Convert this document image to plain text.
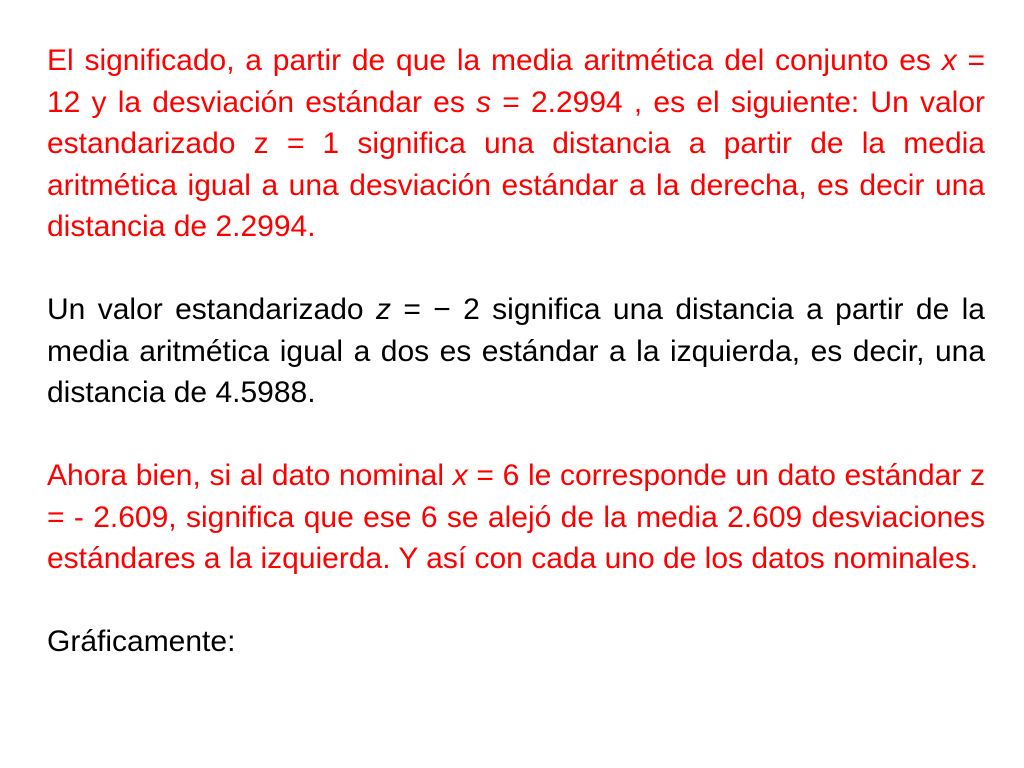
El significado, a partir de que la media aritmética del conjunto es x = 12 y la desviación estándar es s = 2.2994 , es el siguiente: Un valor estandarizado z = 1 significa una distancia a partir de la media aritmética igual a una desviación estándar a la derecha, es decir una distancia de 2.2994.

Un valor estandarizado z = − 2 significa una distancia a partir de la media aritmética igual a dos es estándar a la izquierda, es decir, una distancia de 4.5988.

Ahora bien, si al dato nominal x = 6 le corresponde un dato estándar z = - 2.609, significa que ese 6 se alejó de la media 2.609 desviaciones estándares a la izquierda. Y así con cada uno de los datos nominales.

Gráficamente:
